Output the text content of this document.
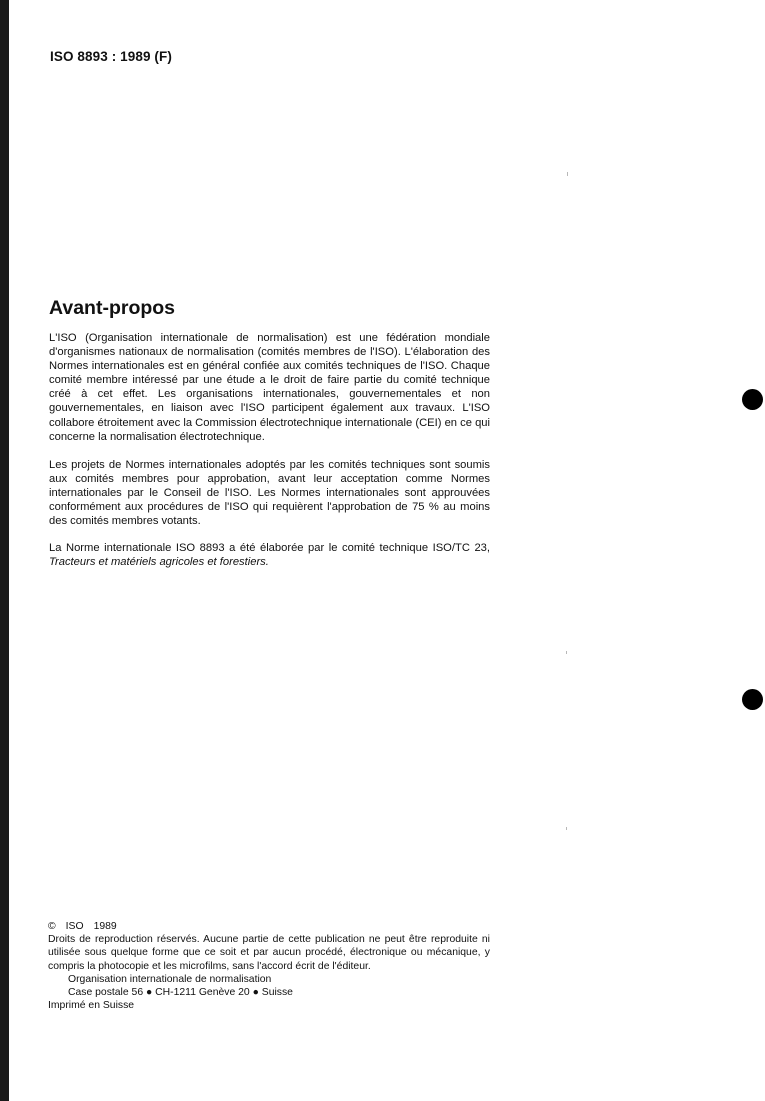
ISO 8893 : 1989 (F)
Avant-propos

L'ISO (Organisation internationale de normalisation) est une fédération mondiale d'organismes nationaux de normalisation (comités membres de l'ISO). L'élaboration des Normes internationales est en général confiée aux comités techniques de l'ISO. Chaque comité membre intéressé par une étude a le droit de faire partie du comité technique créé à cet effet. Les organisations internationales, gouvernementales et non gouvernementales, en liaison avec l'ISO participent également aux travaux. L'ISO collabore étroitement avec la Commission électrotechnique internationale (CEI) en ce qui concerne la normalisation électrotechnique.

Les projets de Normes internationales adoptés par les comités techniques sont soumis aux comités membres pour approbation, avant leur acceptation comme Normes internationales par le Conseil de l'ISO. Les Normes internationales sont approuvées conformément aux procédures de l'ISO qui requièrent l'approbation de 75 % au moins des comités membres votants.

La Norme internationale ISO 8893 a été élaborée par le comité technique ISO/TC 23, Tracteurs et matériels agricoles et forestiers.

© ISO 1989

Droits de reproduction réservés. Aucune partie de cette publication ne peut être reproduite ni utilisée sous quelque forme que ce soit et par aucun procédé, électronique ou mécanique, y compris la photocopie et les microfilms, sans l'accord écrit de l'éditeur.

Organisation internationale de normalisation

Case postale 56 ● CH-1211 Genève 20 ● Suisse

Imprimé en Suisse
